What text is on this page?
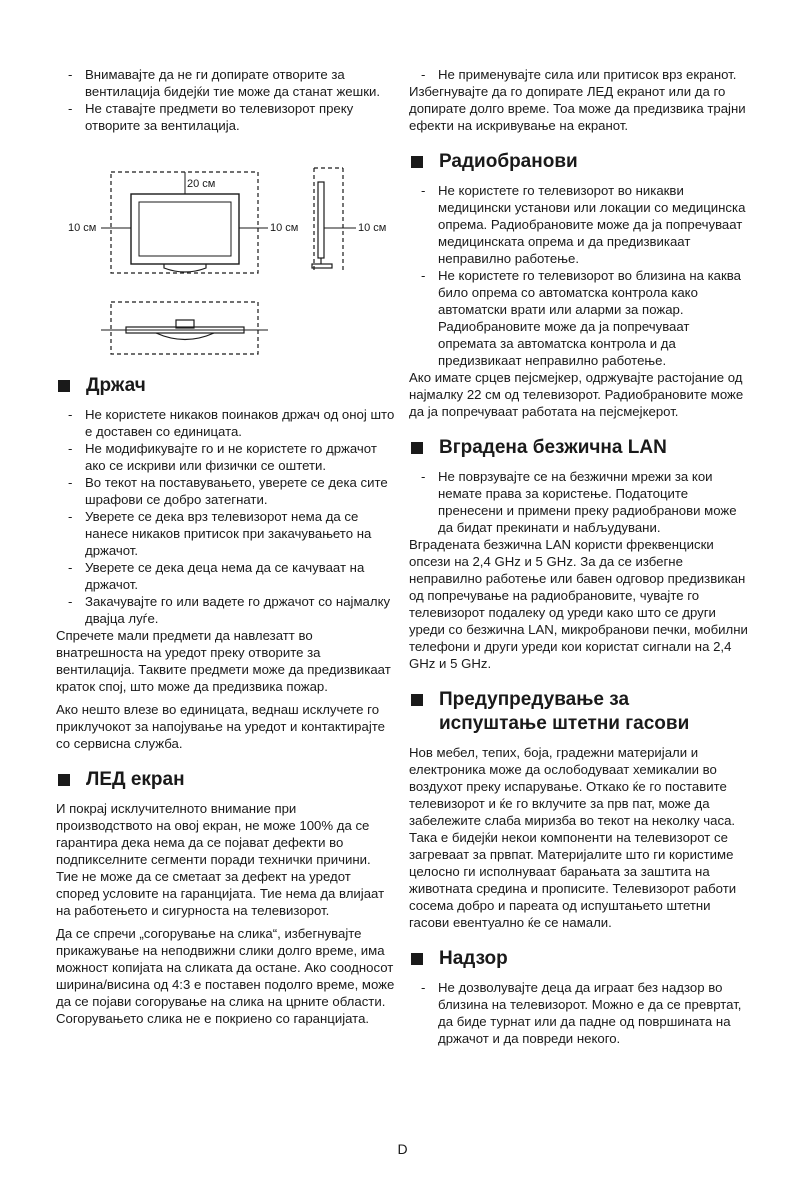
- Внимавајте да не ги допирате отворите за вентилација бидејќи тие може да станат жешки.
- Не ставајте предмети во телевизорот преку отворите за вентилација.
20 см
10 см	10 см	10 см
Држач
- Не користете никаков поинаков држач од оној што е доставен со единицата.
- Не модификувајте го и не користете го држачот ако се искриви или физички се оштети.
- Во текот на поставувањето, уверете се дека сите шрафови се добро затегнати.
- Уверете се дека врз телевизорот нема да се нанесе никаков притисок при закачувањето на држачот.
- Уверете се дека деца нема да се качуваат на држачот.
- Закачувајте го или вадете го држачот со најмалку двајца луѓе.

Спречете мали предмети да навлезатт во внатрешноста на уредот преку отворите за вентилација. Таквите предмети може да предизвикаат краток спој, што може да предизвика пожар.

Ако нешто влезе во единицата, веднаш исклучете го приклучокот за напојување на уредот и контактирајте со сервисна служба.

ЛЕД екран

И покрај исклучителното внимание при производството на овој екран, не може 100% да се гарантира дека нема да се појават дефекти во подпикселните сегменти поради технички причини. Тие не може да се сметаат за дефект на уредот според условите на гаранцијата. Тие нема да влијаат на работењето и сигурноста на телевизорот.

Да се спречи „согорување на слика“, избегнувајте прикажување на неподвижни слики долго време, има можност копијата на сликата да остане. Ако соодносот ширина/висина од 4:3 е поставен подолго време, може да се појави согорување на слика на црните области. Согорувањето слика не е покриено со гаранцијата.

- Не применувајте сила или притисок врз екранот.

Избегнувајте да го допирате ЛЕД екранот или да го допирате долго време. Тоа може да предизвика трајни ефекти на искривување на екранот.

Радиобранови
- Не користете го телевизорот во никакви медицински установи или локации со медицинска опрема. Радиобрановите може да ја попречуваат медицинската опрема и да предизвикаат неправилно работење.
- Не користете го телевизорот во близина на каква било опрема со автоматска контрола како автоматски врати или аларми за пожар. Радиобрановите може да ја попречуваат опремата за автоматска контрола и да предизвикаат неправилно работење.

Ако имате срцев пејсмејкер, одржувајте растојание од најмалку 22 см од телевизорот. Радиобрановите може да ја попречуваат работата на пејсмејкерот.

Вградена безжична LAN
- Не поврзувајте се на безжични мрежи за кои немате права за користење. Податоците пренесени и примени преку радиобранови може да бидат прекинати и набљудувани.

Вградената безжична LAN користи фреквенциски опсези на 2,4 GHz и 5 GHz. За да се избегне неправилно работење или бавен одговор предизвикан од попречување на радиобрановите, чувајте го телевизорот подалеку од уреди како што се други уреди со безжична LAN, микробранови печки, мобилни телефони и други уреди кои користат сигнали на 2,4 GHz и 5 GHz.

Предупредување за
испуштање штетни гасови

Нов мебел, тепих, боја, градежни материјали и електроника може да ослободуваат хемикалии во воздухот преку испарување. Откако ќе го поставите телевизорот и ќе го вклучите за прв пат, може да забележите слаба миризба во текот на неколку часа. Така е бидејќи некои компоненти на телевизорот се загреваат за првпат. Материјалите што ги користиме целосно ги исполнуваат барањата за заштита на животната средина и прописите. Телевизорот работи сосема добро и пареата од испуштањето штетни гасови евентуално ќе се намали.

Надзор
- Не дозволувајте деца да играат без надзор во близина на телевизорот. Можно е да се превртат, да биде турнат или да падне од површината на држачот и да повреди некого.
D
